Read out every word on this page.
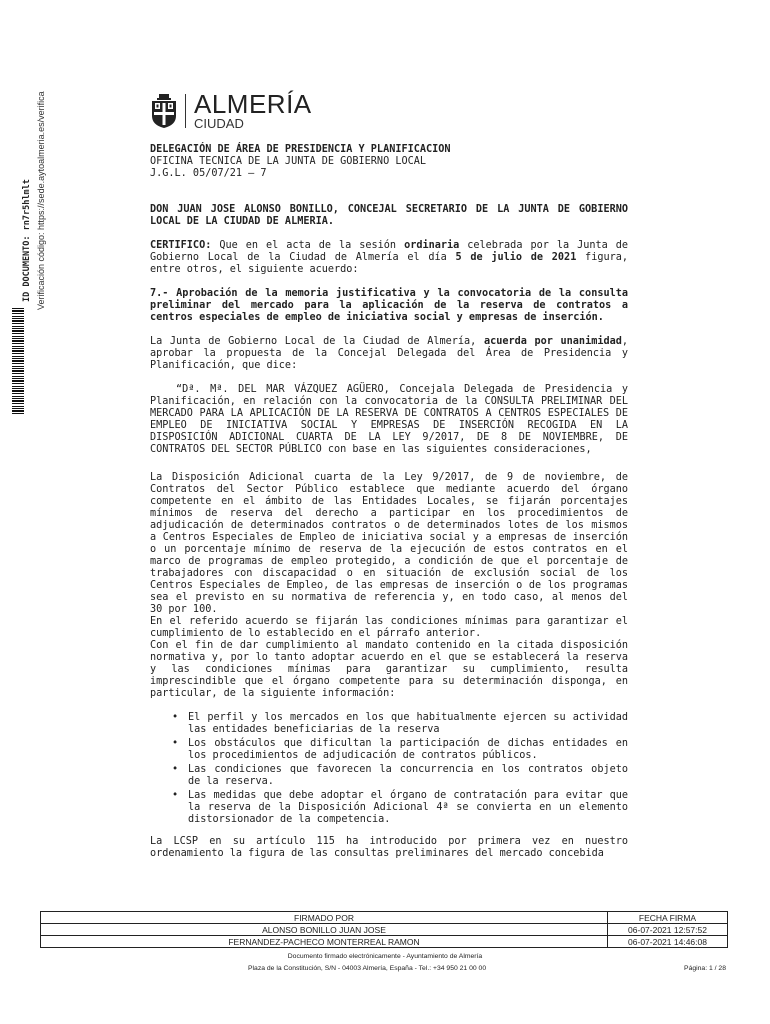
ID DOCUMENTO: rn7r5hlmlt Verificación código: https://sede.aytoalmeria.es/verifica	ALMERÍA
CIUDAD
DELEGACIÓN DE ÁREA DE PRESIDENCIA Y PLANIFICACION
OFICINA TECNICA DE LA JUNTA DE GOBIERNO LOCAL
J.G.L. 05/07/21 – 7
DON JUAN JOSE ALONSO BONILLO, CONCEJAL SECRETARIO DE LA JUNTA DE GOBIERNO LOCAL DE LA CIUDAD DE ALMERIA.
CERTIFICO: Que en el acta de la sesión ordinaria celebrada por la Junta de Gobierno Local de la Ciudad de Almería el día 5 de julio de 2021 figura, entre otros, el siguiente acuerdo:
7.- Aprobación de la memoria justificativa y la convocatoria de la consulta preliminar del mercado para la aplicación de la reserva de contratos a centros especiales de empleo de iniciativa social y empresas de inserción.
La Junta de Gobierno Local de la Ciudad de Almería, acuerda por unanimidad, aprobar la propuesta de la Concejal Delegada del Área de Presidencia y Planificación, que dice:
“Dª. Mª. DEL MAR VÁZQUEZ AGÜERO, Concejala Delegada de Presidencia y Planificación, en relación con la convocatoria de la CONSULTA PRELIMINAR DEL MERCADO PARA LA APLICACIÓN DE LA RESERVA DE CONTRATOS A CENTROS ESPECIALES DE EMPLEO DE INICIATIVA SOCIAL Y EMPRESAS DE INSERCIÓN RECOGIDA EN LA DISPOSICIÓN ADICIONAL CUARTA DE LA LEY 9/2017, DE 8 DE NOVIEMBRE, DE CONTRATOS DEL SECTOR PÚBLICO con base en las siguientes consideraciones,
La Disposición Adicional cuarta de la Ley 9/2017, de 9 de noviembre, de Contratos del Sector Público establece que mediante acuerdo del órgano competente en el ámbito de las Entidades Locales, se fijarán porcentajes mínimos de reserva del derecho a participar en los procedimientos de adjudicación de determinados contratos o de determinados lotes de los mismos a Centros Especiales de Empleo de iniciativa social y a empresas de inserción o un porcentaje mínimo de reserva de la ejecución de estos contratos en el marco de programas de empleo protegido, a condición de que el porcentaje de trabajadores con discapacidad o en situación de exclusión social de los Centros Especiales de Empleo, de las empresas de inserción o de los programas sea el previsto en su normativa de referencia y, en todo caso, al menos del 30 por 100.
En el referido acuerdo se fijarán las condiciones mínimas para garantizar el cumplimiento de lo establecido en el párrafo anterior.
Con el fin de dar cumplimiento al mandato contenido en la citada disposición normativa y, por lo tanto adoptar acuerdo en el que se establecerá la reserva y las condiciones mínimas para garantizar su cumplimiento, resulta imprescindible que el órgano competente para su determinación disponga, en particular, de la siguiente información:
• El perfil y los mercados en los que habitualmente ejercen su actividad las entidades beneficiarias de la reserva
• Los obstáculos que dificultan la participación de dichas entidades en los procedimientos de adjudicación de contratos públicos.
• Las condiciones que favorecen la concurrencia en los contratos objeto de la reserva.
• Las medidas que debe adoptar el órgano de contratación para evitar que la reserva de la Disposición Adicional 4ª se convierta en un elemento distorsionador de la competencia.
La LCSP en su artículo 115 ha introducido por primera vez en nuestro ordenamiento la figura de las consultas preliminares del mercado concebida
FIRMADO POR	FECHA FIRMA
ALONSO BONILLO JUAN JOSE	06-07-2021 12:57:52
FERNANDEZ-PACHECO MONTERREAL RAMON	06-07-2021 14:46:08
Documento firmado electrónicamente - Ayuntamiento de Almería
Plaza de la Constitución, S/N - 04003 Almería, España - Tel.: +34 950 21 00 00	Página: 1 / 28
